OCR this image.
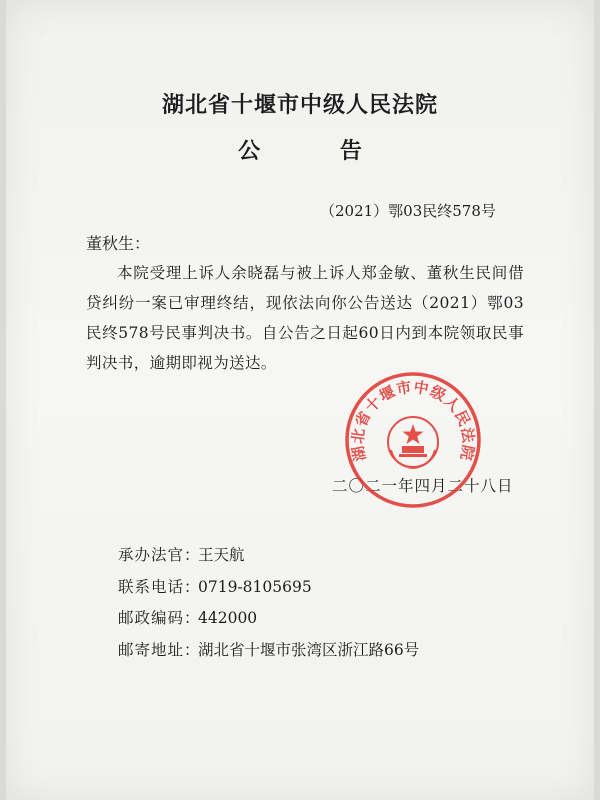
湖北省十堰市中级人民法院
公 告
（2021）鄂03民终578号
董秋生：
本院受理上诉人余晓磊与被上诉人郑金敏、董秋生民间借贷纠纷一案已审理终结，现依法向你公告送达（2021）鄂03民终578号民事判决书。自公告之日起60日内到本院领取民事判决书，逾期即视为送达。
二〇二一年四月二十八日
湖北省十堰市中级人民法院
承办法官：王天航
联系电话：0719-8105695
邮政编码：442000
邮寄地址：湖北省十堰市张湾区浙江路66号
